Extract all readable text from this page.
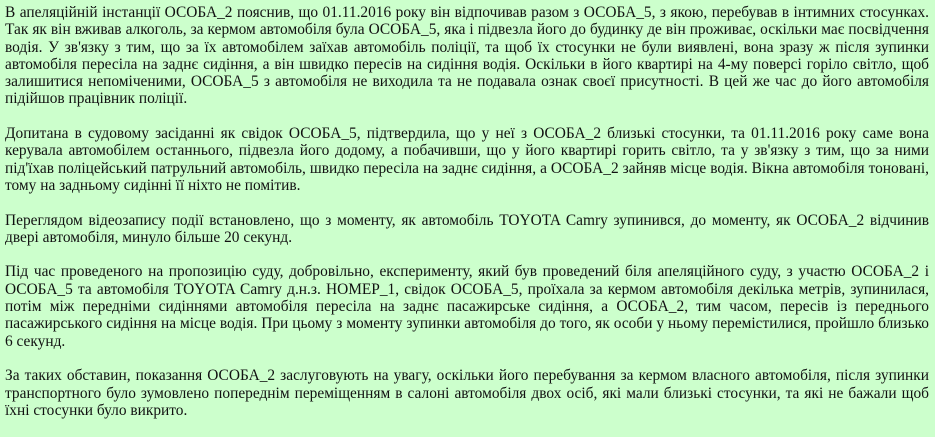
В апеляційній інстанції ОСОБА_2 пояснив, що 01.11.2016 року він відпочивав разом з ОСОБА_5, з якою, перебував в інтимних стосунках. Так як він вживав алкоголь, за кермом автомобіля була ОСОБА_5, яка і підвезла його до будинку де він проживає, оскільки має посвідчення водія. У зв'язку з тим, що за їх автомобілем заїхав автомобіль поліції, та щоб їх стосунки не були виявлені, вона зразу ж після зупинки автомобіля пересіла на заднє сидіння, а він швидко пересів на сидіння водія. Оскільки в його квартирі на 4-му поверсі горіло світло, щоб залишитися непоміченими, ОСОБА_5 з автомобіля не виходила та не подавала ознак своєї присутності. В цей же час до його автомобіля підійшов працівник поліції.

Допитана в судовому засіданні як свідок ОСОБА_5, підтвердила, що у неї з ОСОБА_2 близькі стосунки, та 01.11.2016 року саме вона керувала автомобілем останнього, підвезла його додому, а побачивши, що у його квартирі горить світло, та у зв'язку з тим, що за ними під'їхав поліцейський патрульний автомобіль, швидко пересіла на заднє сидіння, а ОСОБА_2 зайняв місце водія. Вікна автомобіля тоновані, тому на задньому сидінні її ніхто не помітив.

Переглядом відеозапису події встановлено, що з моменту, як автомобіль TOYOTA Camry зупинився, до моменту, як ОСОБА_2 відчинив двері автомобіля, минуло більше 20 секунд.

Під час проведеного на пропозицію суду, добровільно, експерименту, який був проведений біля апеляційного суду, з участю ОСОБА_2 і ОСОБА_5 та автомобіля TOYOTA Camry д.н.з. НОМЕР_1, свідок ОСОБА_5, проїхала за кермом автомобіля декілька метрів, зупинилася, потім між передніми сидіннями автомобіля пересіла на заднє пасажирське сидіння, а ОСОБА_2, тим часом, пересів із переднього пасажирського сидіння на місце водія. При цьому з моменту зупинки автомобіля до того, як особи у ньому перемістилися, пройшло близько 6 секунд.

За таких обставин, показання ОСОБА_2 заслуговують на увагу, оскільки його перебування за кермом власного автомобіля, після зупинки транспортного було зумовлено попереднім переміщенням в салоні автомобіля двох осіб, які мали близькі стосунки, та які не бажали щоб їхні стосунки було викрито.
